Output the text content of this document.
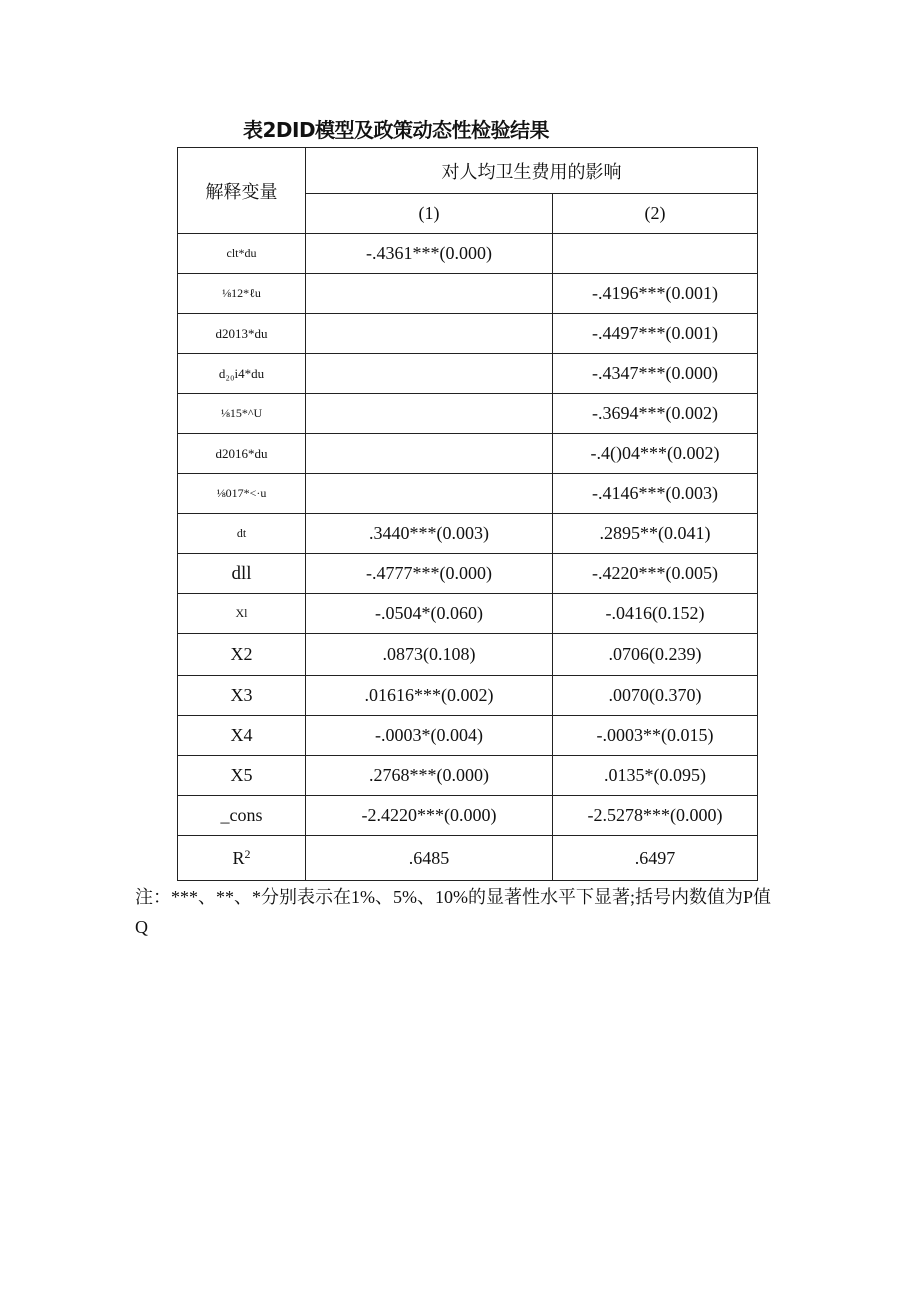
表2DID模型及政策动态性检验结果
解释变量	对人均卫生费用的影响	
	(1)	(2)
clt*du	-.4361***(0.000)	
⅛12*ℓu		-.4196***(0.001)
d2013*du		-.4497***(0.001)
d₂₀i4*du		-.4347***(0.000)
⅛15*^U		-.3694***(0.002)
d2016*du		-.4()04***(0.002)
⅛017*<·u		-.4146***(0.003)
dt	.3440***(0.003)	.2895**(0.041)
dll	-.4777***(0.000)	-.4220***(0.005)
Xl	-.0504*(0.060)	-.0416(0.152)
X2	.0873(0.108)	.0706(0.239)
X3	.01616***(0.002)	.0070(0.370)
X4	-.0003*(0.004)	-.0003**(0.015)
X5	.2768***(0.000)	.0135*(0.095)
_cons	-2.4220***(0.000)	-2.5278***(0.000)
$R^2$	.6485	.6497
注：***、**、*分别表示在1%、5%、10%的显著性水平下显著;括号内数值为P值
Q
